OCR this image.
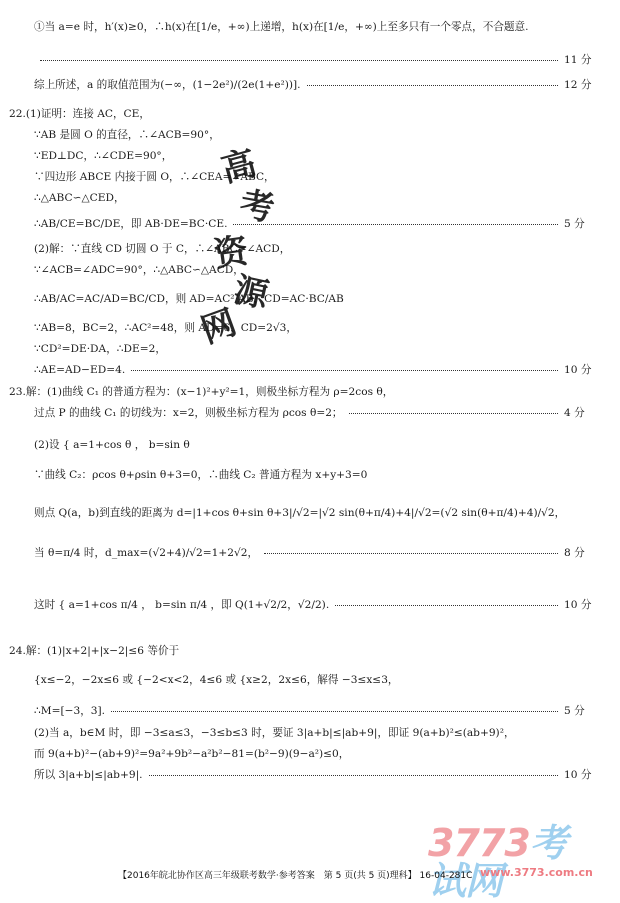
①当 a=e 时，h′(x)≥0，∴h(x)在[1/e，+∞)上递增，h(x)在[1/e，+∞)上至多只有一个零点，不合题意.
11 分
综上所述，a 的取值范围为(−∞，(1−2e²)/(2e(1+e²))].	12 分
22.(1)证明：连接 AC，CE，
∵AB 是圆 O 的直径，∴∠ACB=90°，
∵ED⊥DC，∴∠CDE=90°，
∵四边形 ABCE 内接于圆 O，∴∠CEA=∠ABC，
∴△ABC∽△CED，
∴AB/CE=BC/DE，即 AB·DE=BC·CE.	5 分
(2)解：∵直线 CD 切圆 O 于 C，∴∠ABC=∠ACD，
∵∠ACB=∠ADC=90°，∴△ABC∽△ACD，
∴AB/AC=AC/AD=BC/CD，则 AD=AC²/AB，CD=AC·BC/AB
∵AB=8，BC=2，∴AC²=48，则 AD=6，CD=2√3，
∵CD²=DE·DA，∴DE=2，
∴AE=AD−ED=4.	10 分
23.解：(1)曲线 C₁ 的普通方程为：(x−1)²+y²=1，则极坐标方程为 ρ=2cos θ，
过点 P 的曲线 C₁ 的切线为：x=2，则极坐标方程为 ρcos θ=2；	4 分
(2)设 { a=1+cos θ ， b=sin θ
∵曲线 C₂：ρcos θ+ρsin θ+3=0，∴曲线 C₂ 普通方程为 x+y+3=0
则点 Q(a，b)到直线的距离为 d=|1+cos θ+sin θ+3|/√2=|√2 sin(θ+π/4)+4|/√2=(√2 sin(θ+π/4)+4)/√2，
当 θ=π/4 时，d_max=(√2+4)/√2=1+2√2，	8 分
这时 { a=1+cos π/4 ， b=sin π/4 ，即 Q(1+√2/2，√2/2).	10 分
24.解：(1)|x+2|+|x−2|≤6 等价于
{x≤−2，−2x≤6 或 {−2<x<2，4≤6 或 {x≥2，2x≤6，解得 −3≤x≤3，
∴M=[−3，3].	5 分
(2)当 a，b∈M 时，即 −3≤a≤3，−3≤b≤3 时，要证 3|a+b|≤|ab+9|，即证 9(a+b)²≤(ab+9)²，
而 9(a+b)²−(ab+9)²=9a²+9b²−a²b²−81=(b²−9)(9−a²)≤0，
所以 3|a+b|≤|ab+9|.	10 分
高
考
资
源
网
3773考试网
www.3773.com.cn
【2016年皖北协作区高三年级联考数学·参考答案　第 5 页(共 5 页)理科】 16-04-281C
